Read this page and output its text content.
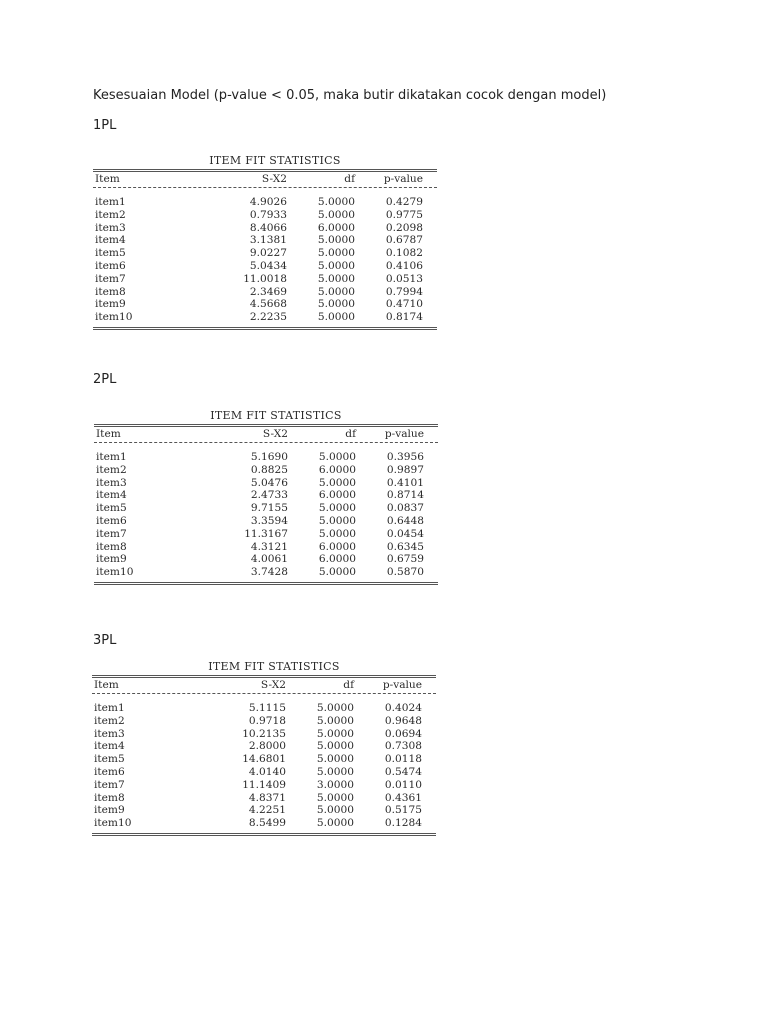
Kesesuaian Model (p-value < 0.05, maka butir dikatakan cocok dengan model)
1PL
ITEM FIT STATISTICS
Item	S-X2	df	p-value
item1	4.9026	5.0000	0.4279
item2	0.7933	5.0000	0.9775
item3	8.4066	6.0000	0.2098
item4	3.1381	5.0000	0.6787
item5	9.0227	5.0000	0.1082
item6	5.0434	5.0000	0.4106
item7	11.0018	5.0000	0.0513
item8	2.3469	5.0000	0.7994
item9	4.5668	5.0000	0.4710
item10	2.2235	5.0000	0.8174
2PL
ITEM FIT STATISTICS
Item	S-X2	df	p-value
item1	5.1690	5.0000	0.3956
item2	0.8825	6.0000	0.9897
item3	5.0476	5.0000	0.4101
item4	2.4733	6.0000	0.8714
item5	9.7155	5.0000	0.0837
item6	3.3594	5.0000	0.6448
item7	11.3167	5.0000	0.0454
item8	4.3121	6.0000	0.6345
item9	4.0061	6.0000	0.6759
item10	3.7428	5.0000	0.5870
3PL
ITEM FIT STATISTICS
Item	S-X2	df	p-value
item1	5.1115	5.0000	0.4024
item2	0.9718	5.0000	0.9648
item3	10.2135	5.0000	0.0694
item4	2.8000	5.0000	0.7308
item5	14.6801	5.0000	0.0118
item6	4.0140	5.0000	0.5474
item7	11.1409	3.0000	0.0110
item8	4.8371	5.0000	0.4361
item9	4.2251	5.0000	0.5175
item10	8.5499	5.0000	0.1284
